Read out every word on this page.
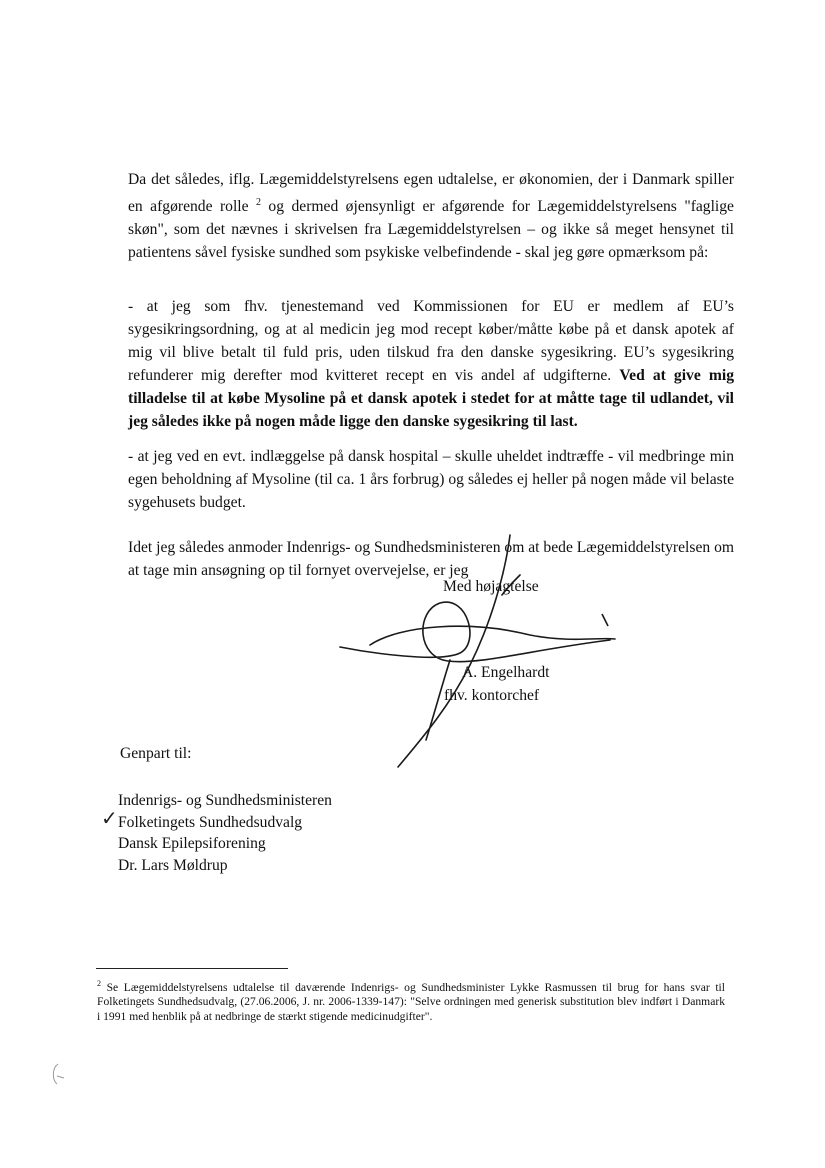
Da det således, iflg. Lægemiddelstyrelsens egen udtalelse, er økonomien, der i Danmark spiller en afgørende rolle $^2$ og dermed øjensynligt er afgørende for Lægemiddelstyrelsens "faglige skøn", som det nævnes i skrivelsen fra Lægemiddelstyrelsen – og ikke så meget hensynet til patientens såvel fysiske sundhed som psykiske velbefindende - skal jeg gøre opmærksom på:
- at jeg som fhv. tjenestemand ved Kommissionen for EU er medlem af EU’s sygesikringsordning, og at al medicin jeg mod recept køber/måtte købe på et dansk apotek af mig vil blive betalt til fuld pris, uden tilskud fra den danske sygesikring. EU’s sygesikring refunderer mig derefter mod kvitteret recept en vis andel af udgifterne. Ved at give mig tilladelse til at købe Mysoline på et dansk apotek i stedet for at måtte tage til udlandet, vil jeg således ikke på nogen måde ligge den danske sygesikring til last.
- at jeg ved en evt. indlæggelse på dansk hospital – skulle uheldet indtræffe - vil medbringe min egen beholdning af Mysoline (til ca. 1 års forbrug) og således ej heller på nogen måde vil belaste sygehusets budget.
Idet jeg således anmoder Indenrigs- og Sundhedsministeren om at bede Lægemiddelstyrelsen om at tage min ansøgning op til fornyet overvejelse, er jeg
Med højagtelse
A. Engelhardt
fhv. kontorchef
Genpart til:
✓
Indenrigs- og Sundhedsministeren
Folketingets Sundhedsudvalg
Dansk Epilepsiforening
Dr. Lars Møldrup
$^2$ Se Lægemiddelstyrelsens udtalelse til daværende Indenrigs- og Sundhedsminister Lykke Rasmussen til brug for hans svar til Folketingets Sundhedsudvalg, (27.06.2006, J. nr. 2006-1339-147): "Selve ordningen med generisk substitution blev indført i Danmark i 1991 med henblik på at nedbringe de stærkt stigende medicinudgifter".
